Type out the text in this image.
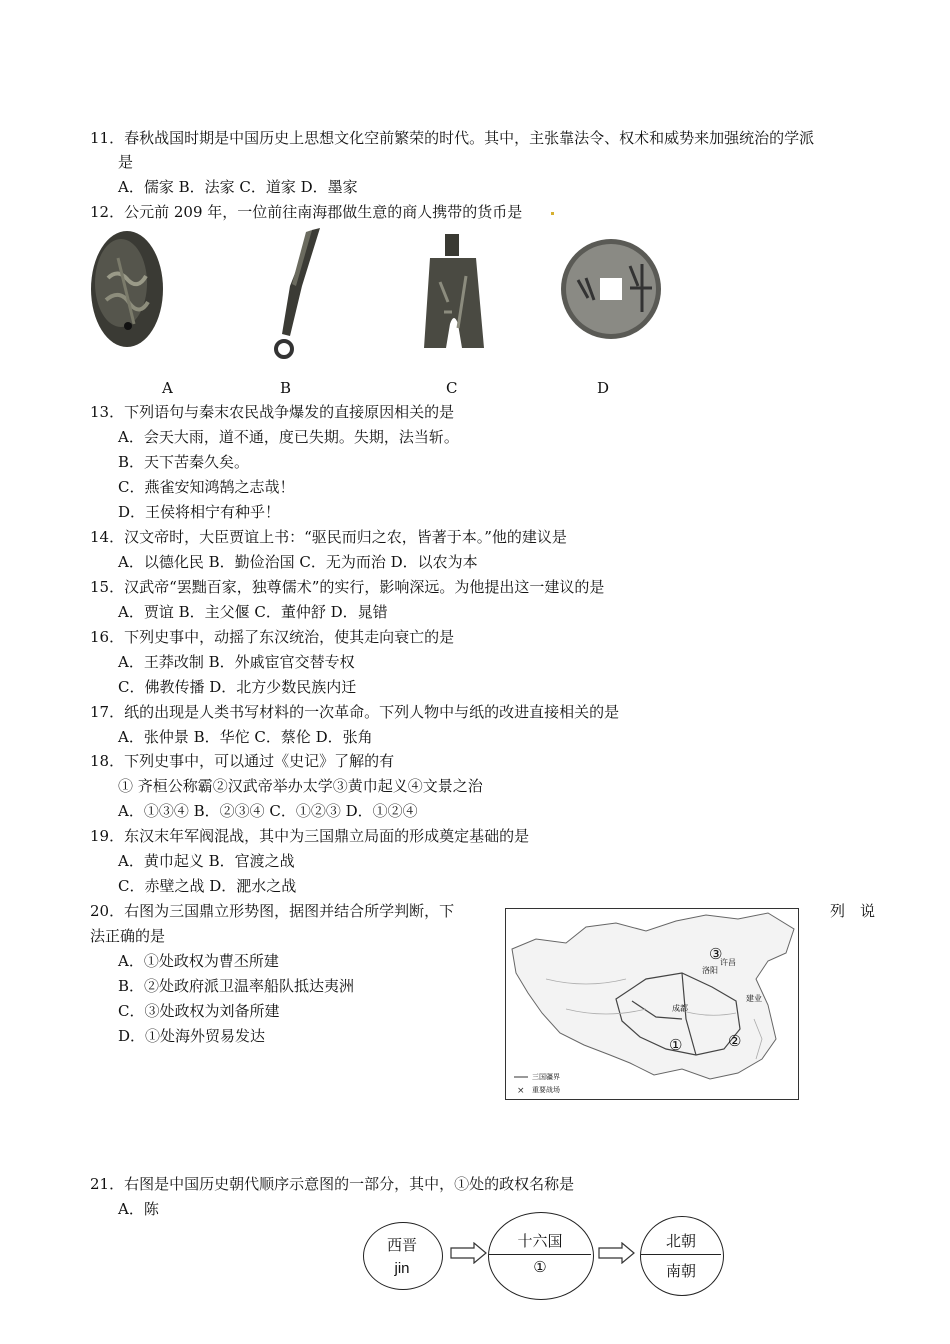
11．春秋战国时期是中国历史上思想文化空前繁荣的时代。其中，主张靠法令、权术和威势来加强统治的学派
是
A．儒家 B．法家 C．道家 D．墨家
12．公元前 209 年，一位前往南海郡做生意的商人携带的货币是
A	B	C	D
13．下列语句与秦末农民战争爆发的直接原因相关的是
A．会天大雨，道不通，度已失期。失期，法当斩。
B．天下苦秦久矣。
C．燕雀安知鸿鹄之志哉！
D．王侯将相宁有种乎！
14．汉文帝时，大臣贾谊上书：“驱民而归之农，皆著于本。”他的建议是
A．以德化民 B．勤俭治国 C．无为而治 D．以农为本
15．汉武帝“罢黜百家，独尊儒术”的实行，影响深远。为他提出这一建议的是
A．贾谊 B．主父偃 C．董仲舒 D．晁错
16．下列史事中，动摇了东汉统治，使其走向衰亡的是
A．王莽改制 B．外戚宦官交替专权
C．佛教传播 D．北方少数民族内迁
17．纸的出现是人类书写材料的一次革命。下列人物中与纸的改进直接相关的是
A．张仲景 B．华佗 C．蔡伦 D．张角
18．下列史事中，可以通过《史记》了解的有
① 齐桓公称霸②汉武帝举办太学③黄巾起义④文景之治
A．①③④ B．②③④ C．①②③ D．①②④
19．东汉末年军阀混战，其中为三国鼎立局面的形成奠定基础的是
A．黄巾起义 B．官渡之战
C．赤壁之战 D．淝水之战
20．右图为三国鼎立形势图，据图并结合所学判断，下	列　说
法正确的是
A．①处政权为曹丕所建
B．②处政府派卫温率船队抵达夷洲
C．③处政权为刘备所建
D．①处海外贸易发达
×
③
①	②
洛阳
许昌
成都
建业
三国疆界
重要战场
21．右图是中国历史朝代顺序示意图的一部分，其中，①处的政权名称是
A．陈
西晋
jin
十六国
①
北朝
南朝
